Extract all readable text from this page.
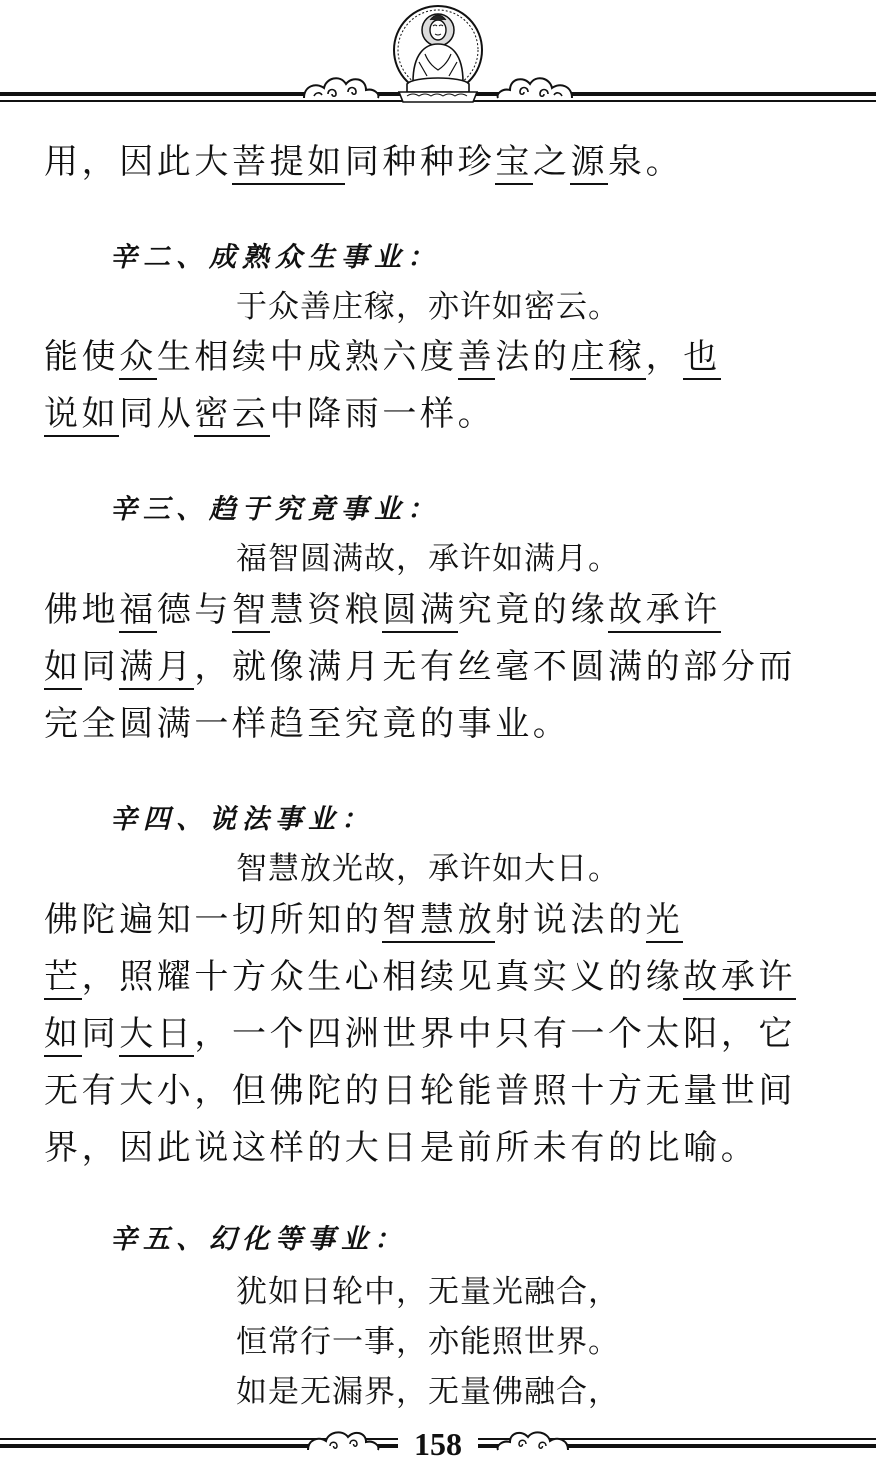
用，因此大菩提如同种种珍宝之源泉。
辛二、成熟众生事业：
于众善庄稼，亦许如密云。
能使众生相续中成熟六度善法的庄稼，也
说如同从密云中降雨一样。
辛三、趋于究竟事业：
福智圆满故，承许如满月。
佛地福德与智慧资粮圆满究竟的缘故承许
如同满月，就像满月无有丝毫不圆满的部分而
完全圆满一样趋至究竟的事业。
辛四、说法事业：
智慧放光故，承许如大日。
佛陀遍知一切所知的智慧放射说法的光
芒，照耀十方众生心相续见真实义的缘故承许
如同大日，一个四洲世界中只有一个太阳，它
无有大小，但佛陀的日轮能普照十方无量世间
界，因此说这样的大日是前所未有的比喻。
辛五、幻化等事业：
犹如日轮中，无量光融合，
恒常行一事，亦能照世界。
如是无漏界，无量佛融合，
158
